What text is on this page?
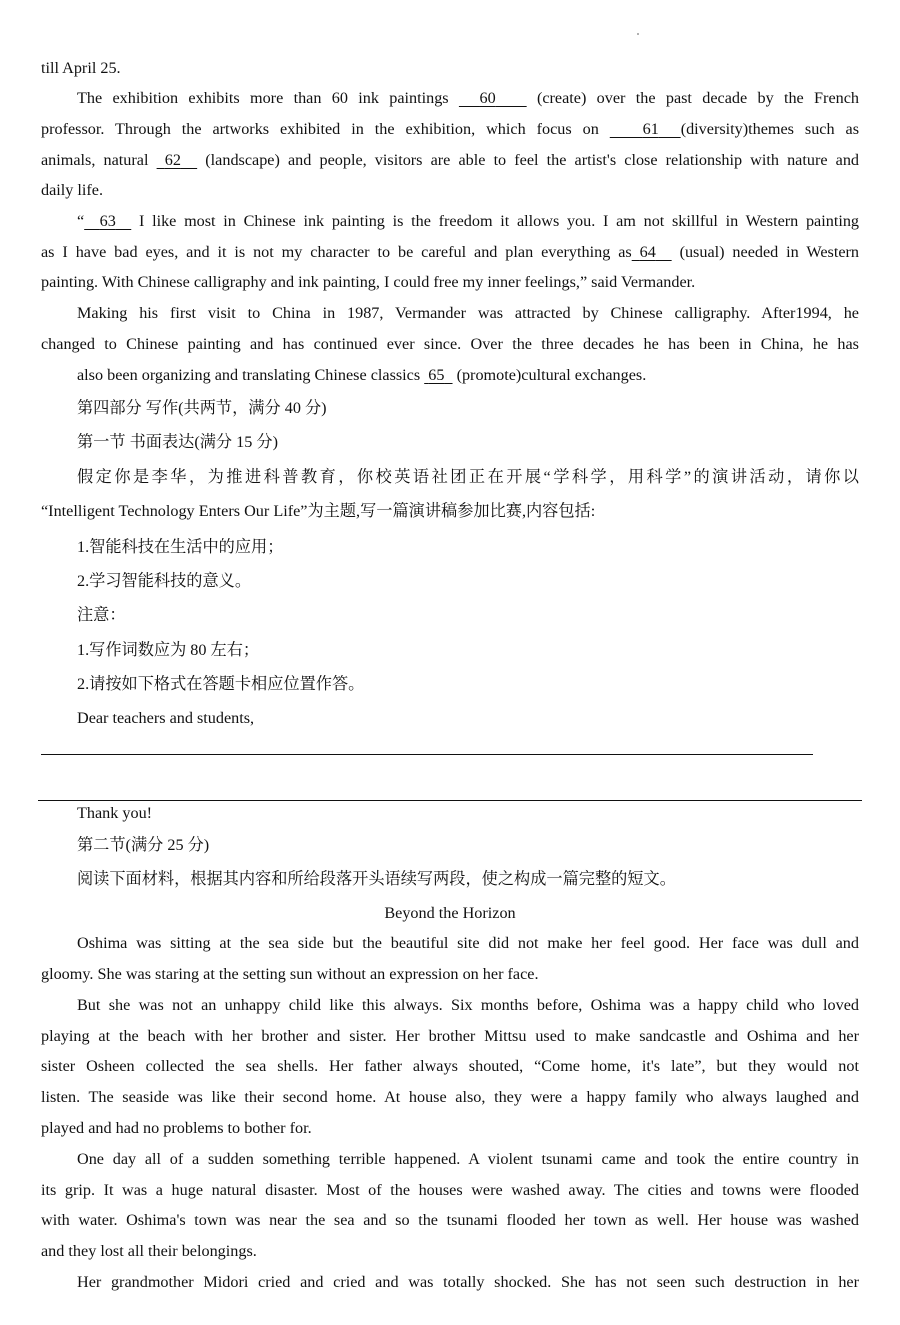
till April 25.
The exhibition exhibits more than 60 ink paintings 60	(create) over the past decade by the French
professor. Through the artworks exhibited in the exhibition, which focus on	61 (diversity)themes such as
animals, natural 62 (landscape) and people, visitors are able to feel the artist's close relationship with nature and
daily life.
“ 63 I like most in Chinese ink painting is the freedom it allows you. I am not skillful in Western painting
as I have bad eyes, and it is not my character to be careful and plan everything as 64 (usual) needed in Western
painting. With Chinese calligraphy and ink painting, I could free my inner feelings,” said Vermander.
Making his first visit to China in 1987, Vermander was attracted by Chinese calligraphy. After1994, he
changed to Chinese painting and has continued ever since. Over the three decades he has been in China, he has
also been organizing and translating Chinese classics 65 (promote)cultural exchanges.
第四部分 写作(共两节，满分 40 分)
第一节 书面表达(满分 15 分)
假定你是李华，为推进科普教育，你校英语社团正在开展“学科学，用科学”的演讲活动，请你以
“Intelligent Technology Enters Our Life”为主题,写一篇演讲稿参加比赛,内容包括:
1.智能科技在生活中的应用；
2.学习智能科技的意义。
注意：
1.写作词数应为 80 左右；
2.请按如下格式在答题卡相应位置作答。
Dear teachers and students,
Thank you!
第二节(满分 25 分)
阅读下面材料，根据其内容和所给段落开头语续写两段，使之构成一篇完整的短文。
Beyond the Horizon
Oshima was sitting at the sea side but the beautiful site did not make her feel good. Her face was dull and
gloomy. She was staring at the setting sun without an expression on her face.
But she was not an unhappy child like this always. Six months before, Oshima was a happy child who loved
playing at the beach with her brother and sister. Her brother Mittsu used to make sandcastle and Oshima and her
sister Osheen collected the sea shells. Her father always shouted, “Come home, it's late”, but they would not
listen. The seaside was like their second home. At house also, they were a happy family who always laughed and
played and had no problems to bother for.
One day all of a sudden something terrible happened. A violent tsunami came and took the entire country in
its grip. It was a huge natural disaster. Most of the houses were washed away. The cities and towns were flooded
with water. Oshima's town was near the sea and so the tsunami flooded her town as well. Her house was washed
and they lost all their belongings.
Her grandmother Midori cried and cried and was totally shocked. She has not seen such destruction in her
